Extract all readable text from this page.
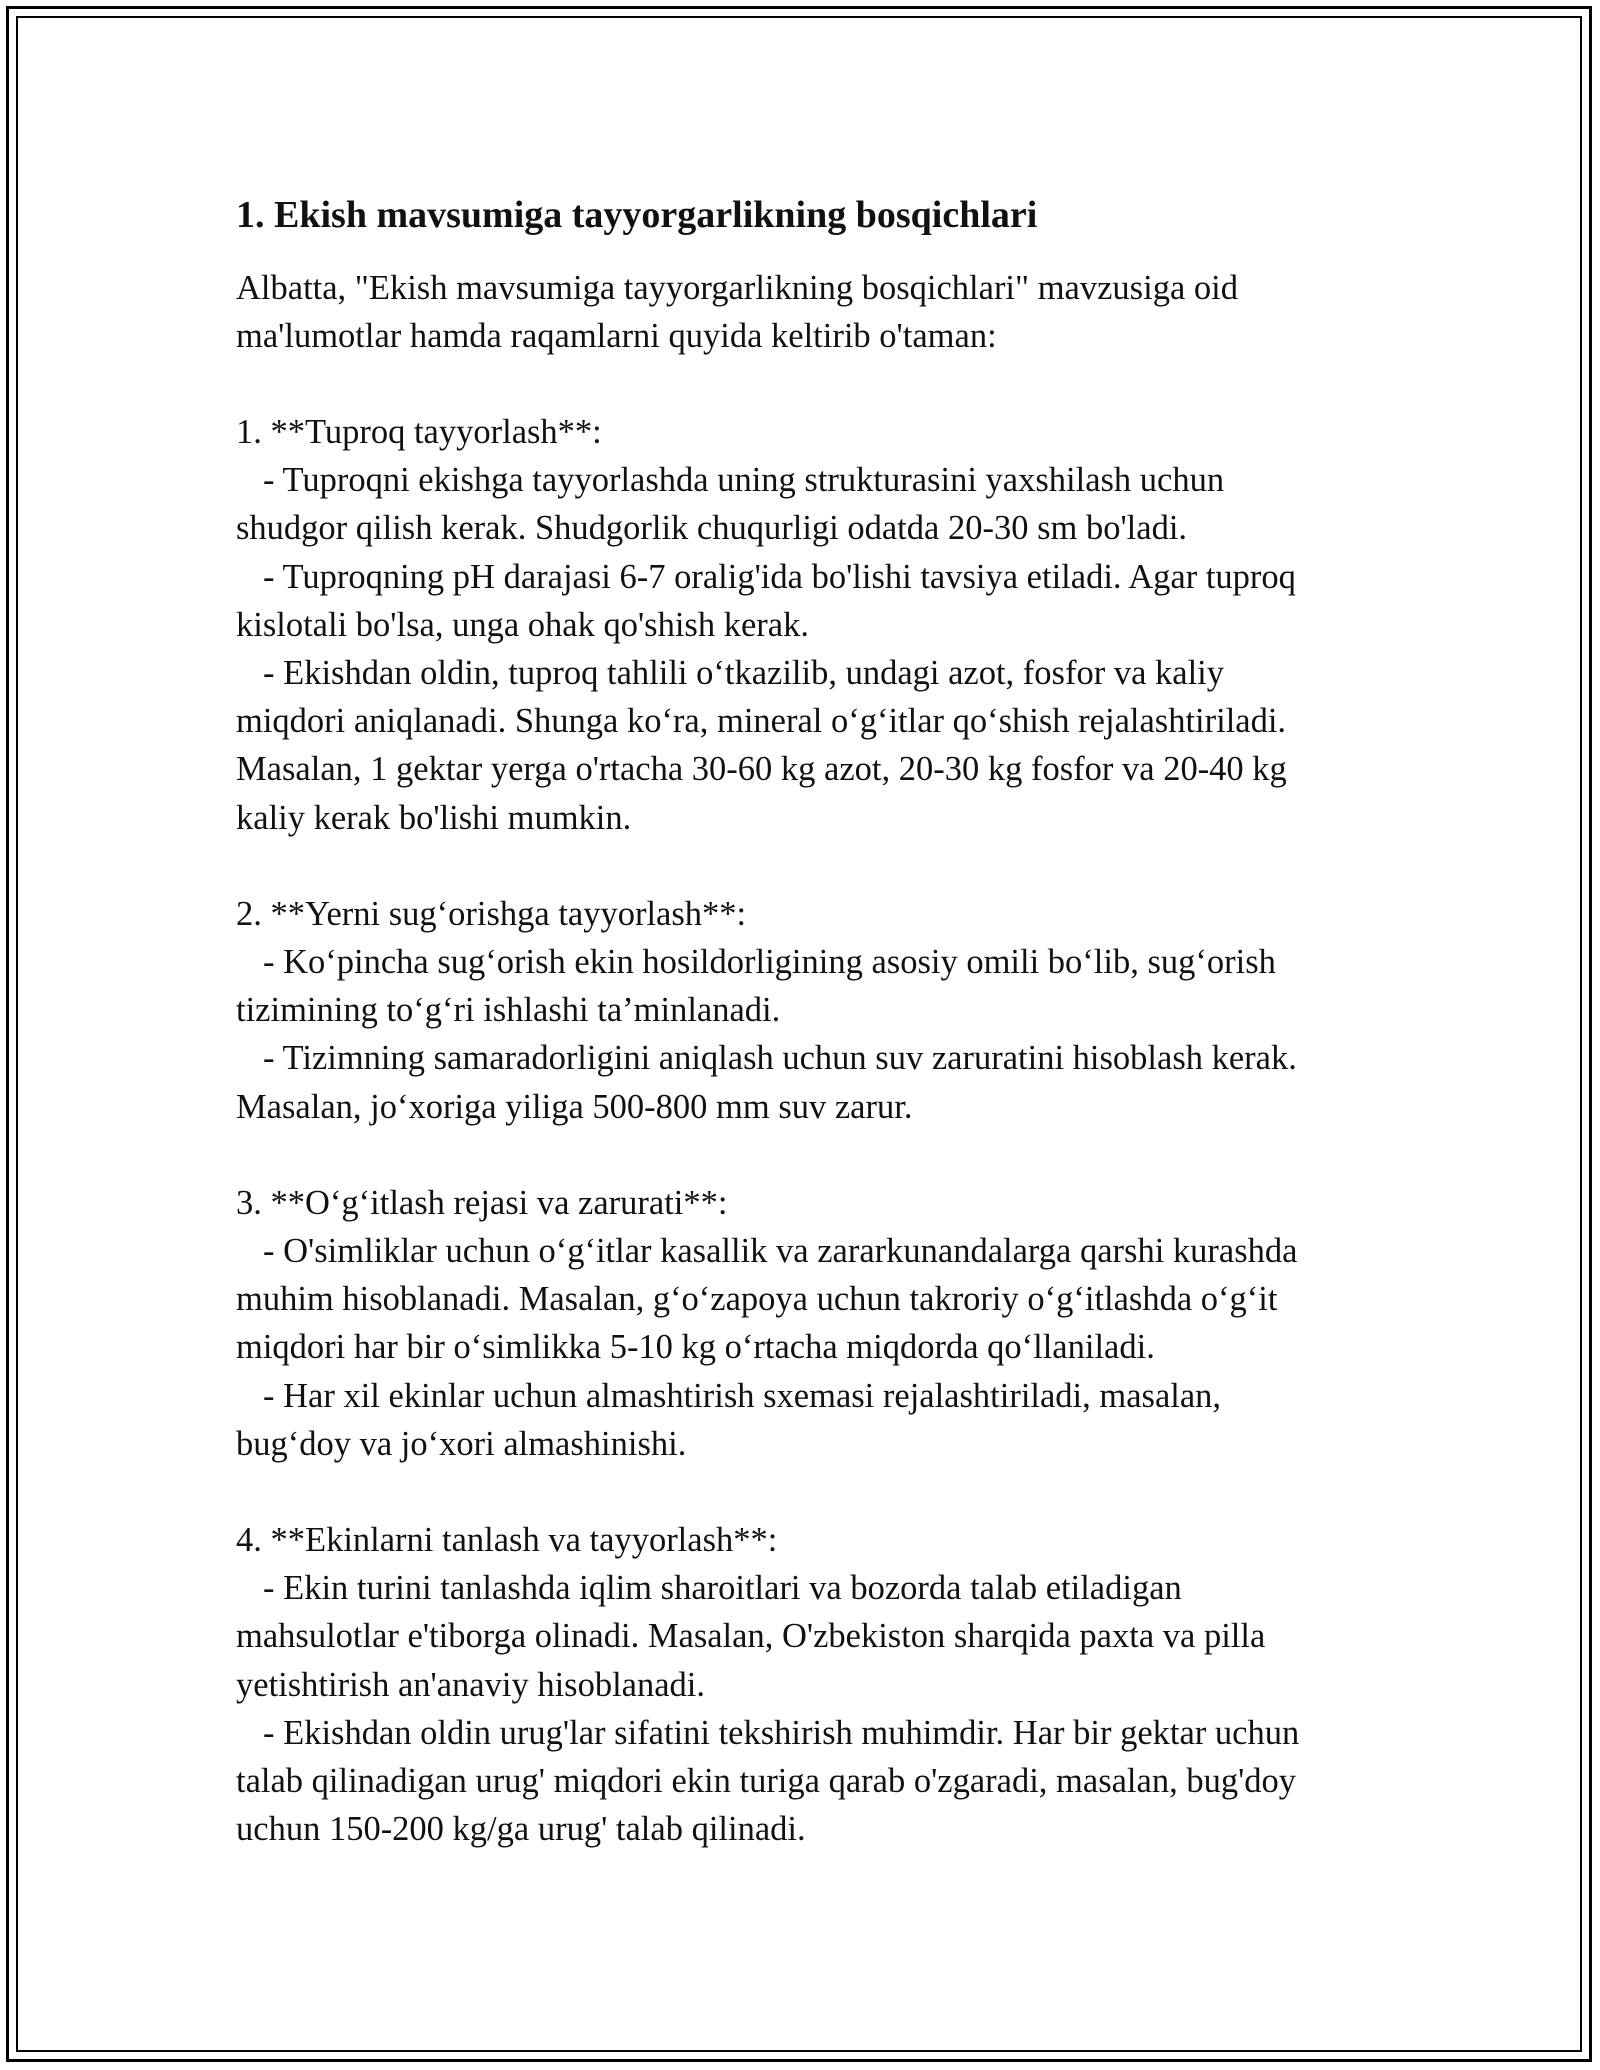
1. Ekish mavsumiga tayyorgarlikning bosqichlari

Albatta, "Ekish mavsumiga tayyorgarlikning bosqichlari" mavzusiga oid
ma'lumotlar hamda raqamlarni quyida keltirib o'taman:

1. **Tuproq tayyorlash**:
- Tuproqni ekishga tayyorlashda uning strukturasini yaxshilash uchun
shudgor qilish kerak. Shudgorlik chuqurligi odatda 20-30 sm bo'ladi.
- Tuproqning pH darajasi 6-7 oralig'ida bo'lishi tavsiya etiladi. Agar tuproq
kislotali bo'lsa, unga ohak qo'shish kerak.
- Ekishdan oldin, tuproq tahlili o‘tkazilib, undagi azot, fosfor va kaliy
miqdori aniqlanadi. Shunga ko‘ra, mineral o‘g‘itlar qo‘shish rejalashtiriladi.
Masalan, 1 gektar yerga o'rtacha 30-60 kg azot, 20-30 kg fosfor va 20-40 kg
kaliy kerak bo'lishi mumkin.
2. **Yerni sug‘orishga tayyorlash**:
- Ko‘pincha sug‘orish ekin hosildorligining asosiy omili bo‘lib, sug‘orish
tizimining to‘g‘ri ishlashi ta’minlanadi.
- Tizimning samaradorligini aniqlash uchun suv zaruratini hisoblash kerak.
Masalan, jo‘xoriga yiliga 500-800 mm suv zarur.
3. **O‘g‘itlash rejasi va zarurati**:
- O'simliklar uchun o‘g‘itlar kasallik va zararkunandalarga qarshi kurashda
muhim hisoblanadi. Masalan, g‘o‘zapoya uchun takroriy o‘g‘itlashda o‘g‘it
miqdori har bir o‘simlikka 5-10 kg o‘rtacha miqdorda qo‘llaniladi.
- Har xil ekinlar uchun almashtirish sxemasi rejalashtiriladi, masalan,
bug‘doy va jo‘xori almashinishi.
4. **Ekinlarni tanlash va tayyorlash**:
- Ekin turini tanlashda iqlim sharoitlari va bozorda talab etiladigan
mahsulotlar e'tiborga olinadi. Masalan, O'zbekiston sharqida paxta va pilla
yetishtirish an'anaviy hisoblanadi.
- Ekishdan oldin urug'lar sifatini tekshirish muhimdir. Har bir gektar uchun
talab qilinadigan urug' miqdori ekin turiga qarab o'zgaradi, masalan, bug'doy
uchun 150-200 kg/ga urug' talab qilinadi.
